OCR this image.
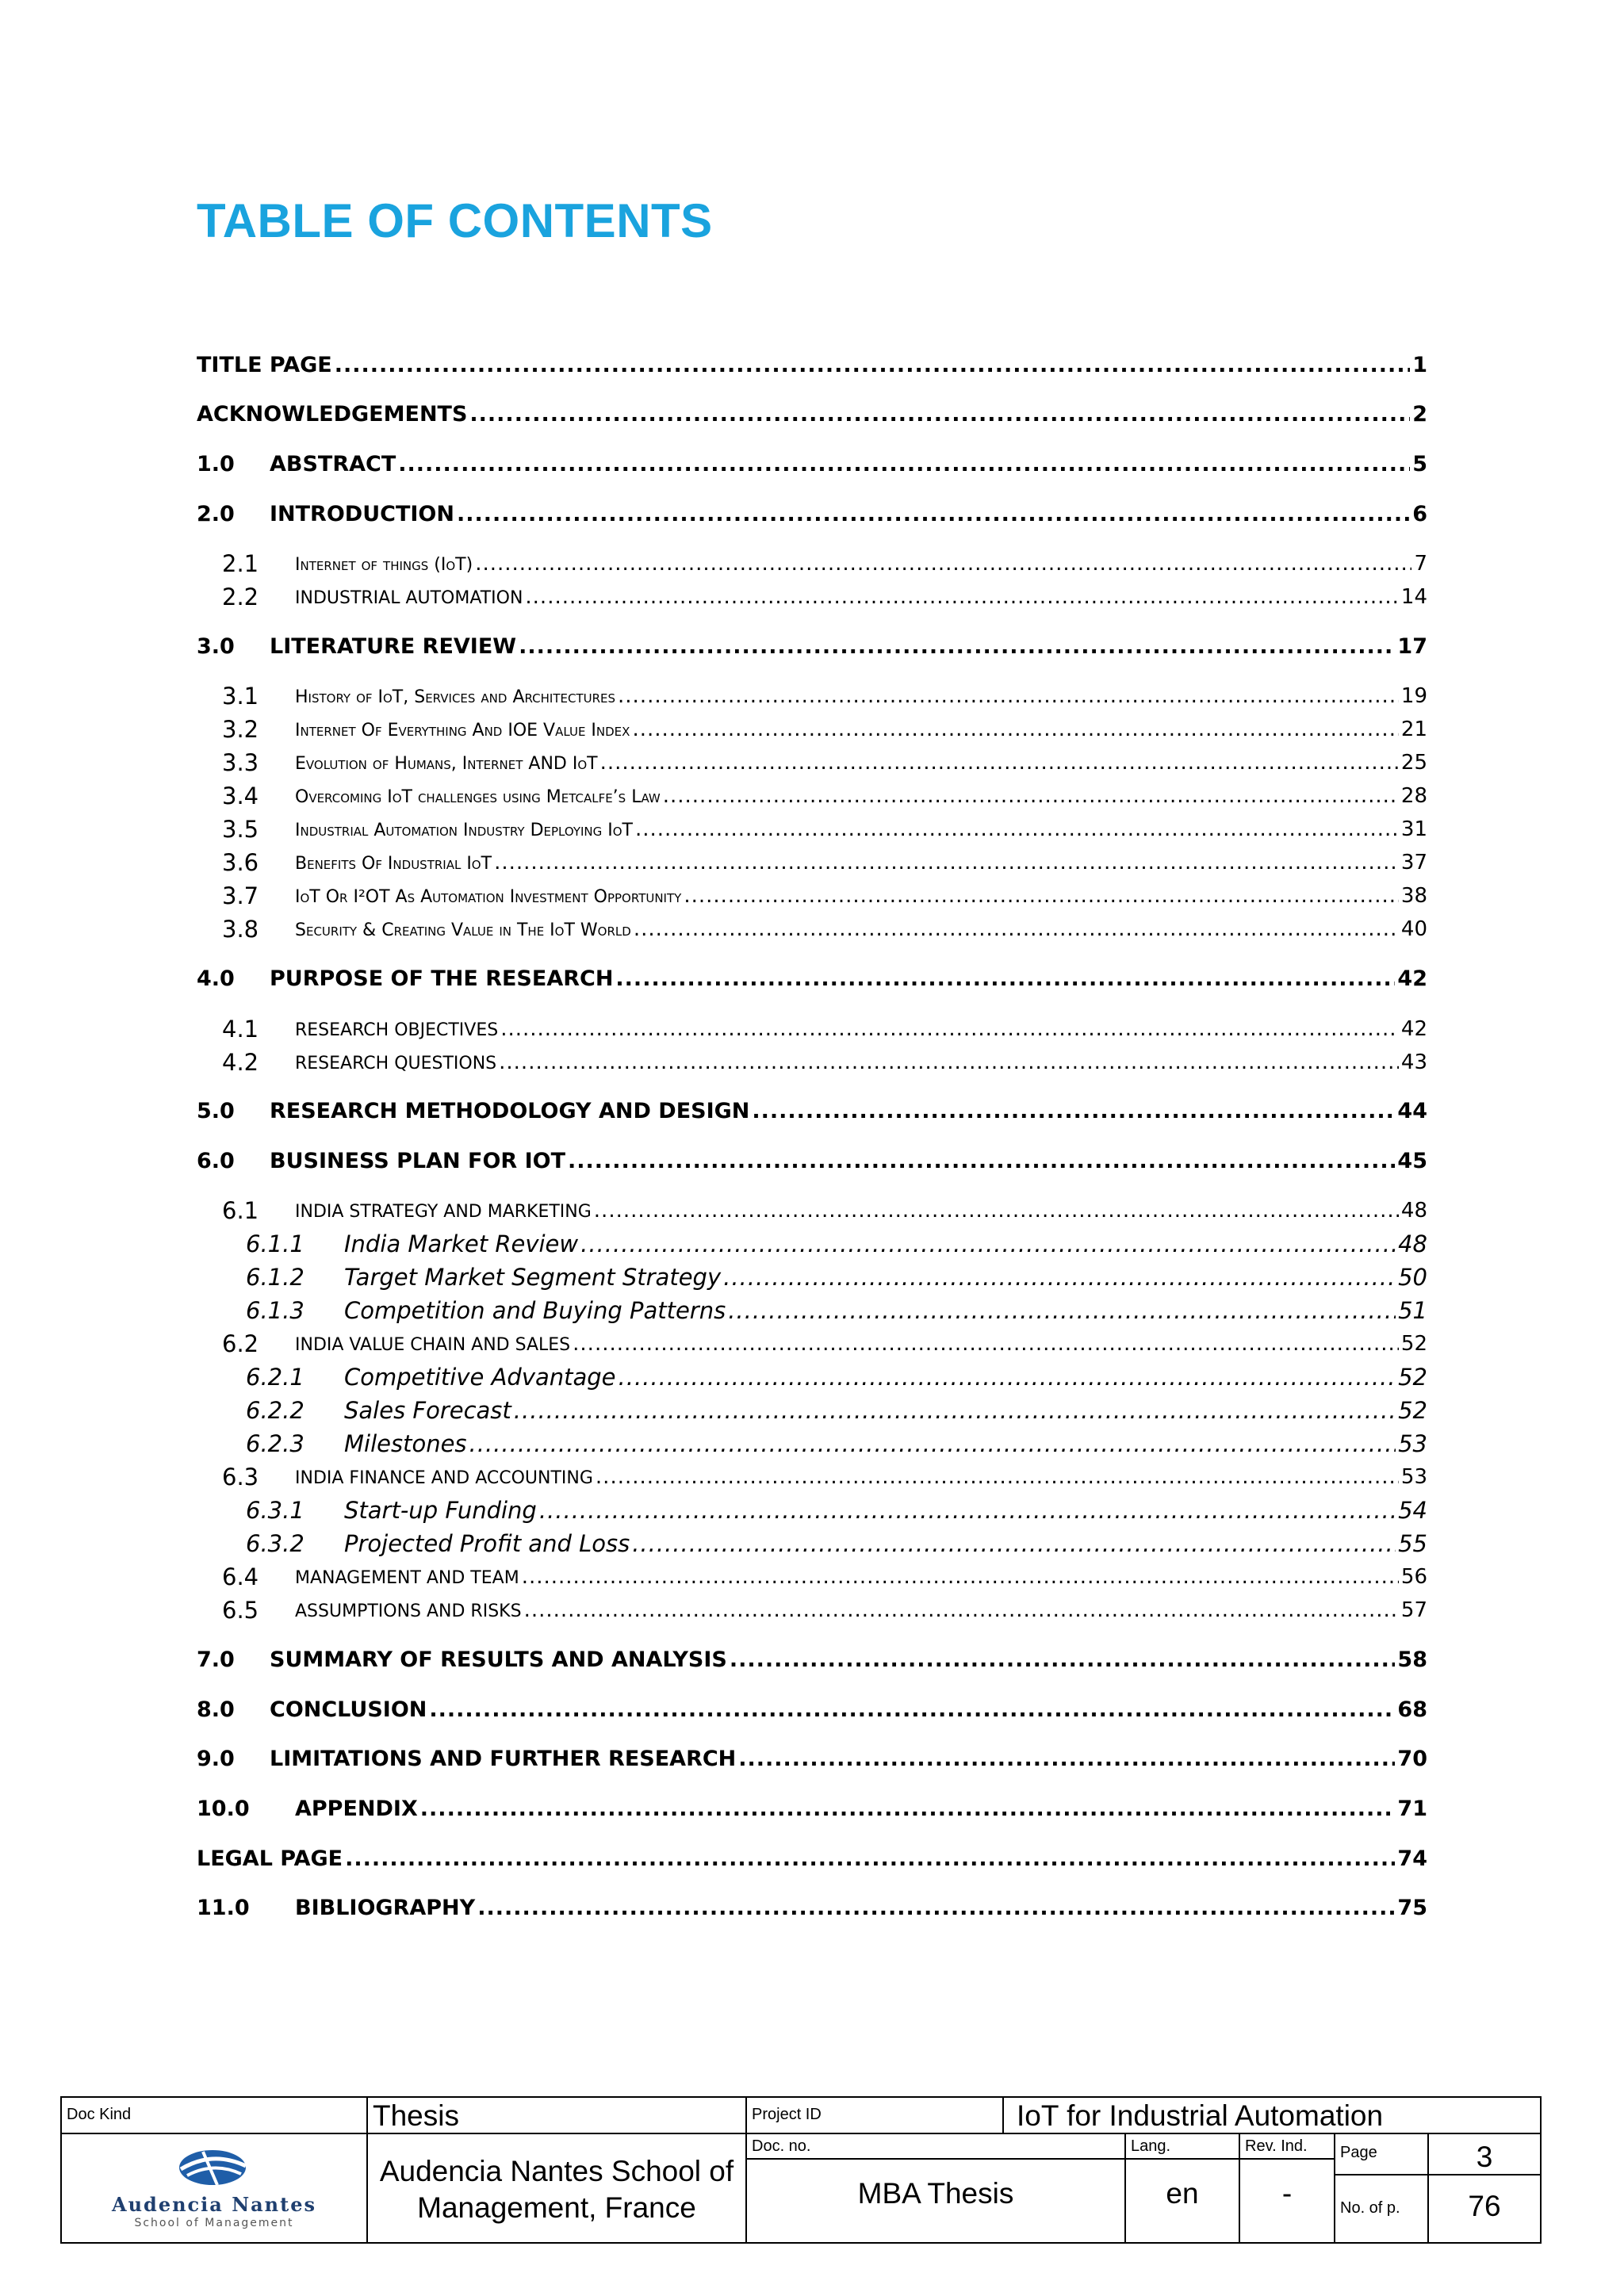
TABLE OF CONTENTS
TITLE PAGE .....	1
ACKNOWLEDGEMENTS .....	2
1.0 ABSTRACT .....	5
2.0 INTRODUCTION .....	6
2.1 Internet of things (IoT) .....	7
2.2 INDUSTRIAL AUTOMATION .....	14
3.0 LITERATURE REVIEW .....	17
3.1 History of IoT, Services and Architectures .....	19
3.2 Internet Of Everything And IOE Value Index .....	21
3.3 Evolution of Humans, Internet AND IoT .....	25
3.4 Overcoming IoT challenges using Metcalfe’s Law .....	28
3.5 Industrial Automation Industry Deploying IoT .....	31
3.6 Benefits Of Industrial IoT .....	37
3.7 IoT Or I²OT As Automation Investment Opportunity .....	38
3.8 Security & Creating Value in The IoT World .....	40
4.0 PURPOSE OF THE RESEARCH .....	42
4.1 RESEARCH OBJECTIVES .....	42
4.2 RESEARCH QUESTIONS .....	43
5.0 RESEARCH METHODOLOGY AND DESIGN .....	44
6.0 BUSINESS PLAN FOR IOT .....	45
6.1 INDIA STRATEGY AND MARKETING .....	48
6.1.1 India Market Review .....	48
6.1.2 Target Market Segment Strategy .....	50
6.1.3 Competition and Buying Patterns .....	51
6.2 INDIA VALUE CHAIN AND SALES .....	52
6.2.1 Competitive Advantage .....	52
6.2.2 Sales Forecast .....	52
6.2.3 Milestones .....	53
6.3 INDIA FINANCE AND ACCOUNTING .....	53
6.3.1 Start-up Funding .....	54
6.3.2 Projected Profit and Loss .....	55
6.4 MANAGEMENT AND TEAM .....	56
6.5 ASSUMPTIONS AND RISKS .....	57
7.0 SUMMARY OF RESULTS AND ANALYSIS .....	58
8.0 CONCLUSION .....	68
9.0 LIMITATIONS AND FURTHER RESEARCH .....	70
10.0 APPENDIX .....	71
LEGAL PAGE .....	74
11.0 BIBLIOGRAPHY .....	75
Doc Kind	Thesis	Project ID	IoT for Industrial Automation
Audencia Nantes
School of Management
Audencia Nantes School of Management, France
Doc. no.
MBA Thesis
Lang.
en
Rev. Ind.
-
Page	3
No. of p.	76
